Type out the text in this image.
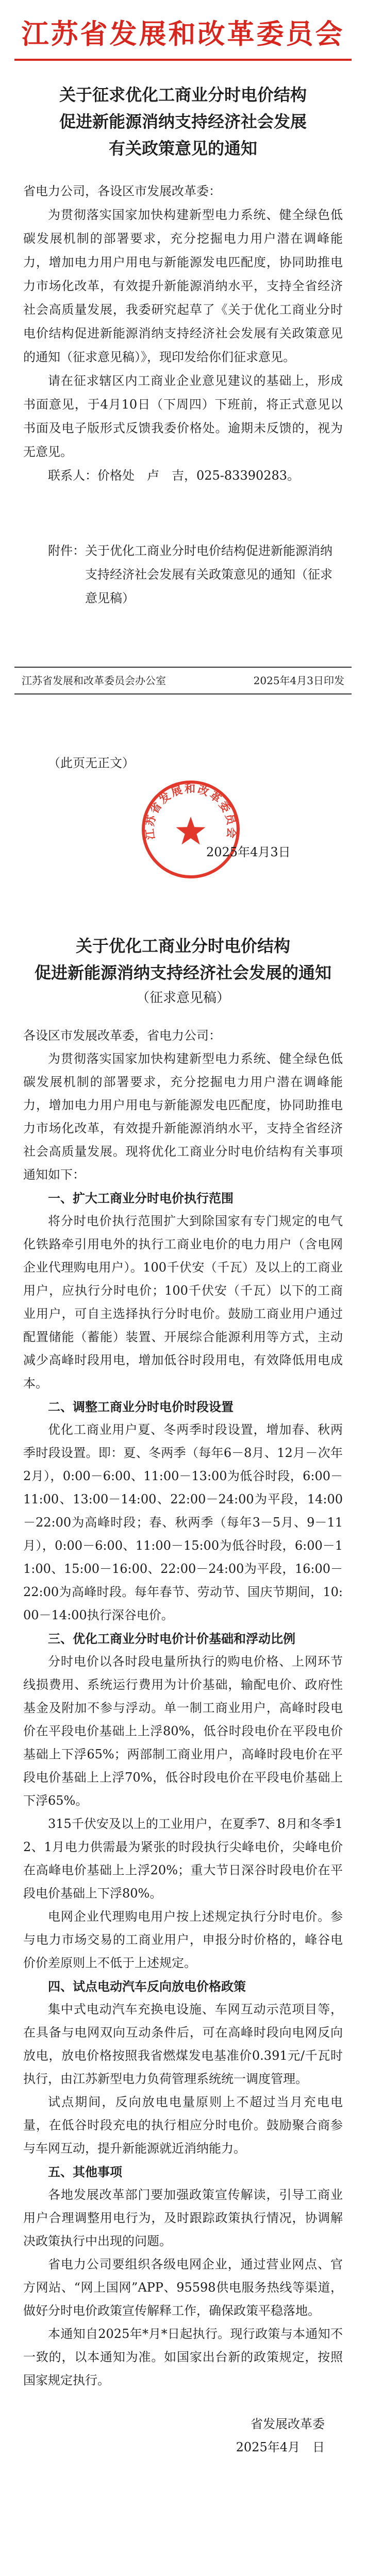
江苏省发展和改革委员会
关于征求优化工商业分时电价结构
促进新能源消纳支持经济社会发展
有关政策意见的通知
省电力公司，各设区市发展改革委：

为贯彻落实国家加快构建新型电力系统、健全绿色低碳发展机制的部署要求，充分挖掘电力用户潜在调峰能力，增加电力用户用电与新能源发电匹配度，协同助推电力市场化改革，有效提升新能源消纳水平，支持全省经济社会高质量发展，我委研究起草了《关于优化工商业分时电价结构促进新能源消纳支持经济社会发展有关政策意见的通知（征求意见稿）》，现印发给你们征求意见。

请在征求辖区内工商业企业意见建议的基础上，形成书面意见，于4月10日（下周四）下班前，将正式意见以书面及电子版形式反馈我委价格处。逾期未反馈的，视为无意见。

联系人：价格处　卢　吉，025-83390283。

附件：关于优化工商业分时电价结构促进新能源消纳支持经济社会发展有关政策意见的通知（征求意见稿）
江苏省发展和改革委员会办公室	2025年4月3日印发
（此页无正文）
江苏省发展和改革委员会
2025年4月3日
关于优化工商业分时电价结构
促进新能源消纳支持经济社会发展的通知
（征求意见稿）
各设区市发展改革委，省电力公司：

为贯彻落实国家加快构建新型电力系统、健全绿色低碳发展机制的部署要求，充分挖掘电力用户潜在调峰能力，增加电力用户用电与新能源发电匹配度，协同助推电力市场化改革，有效提升新能源消纳水平，支持全省经济社会高质量发展。现将优化工商业分时电价结构有关事项通知如下：

一、扩大工商业分时电价执行范围

将分时电价执行范围扩大到除国家有专门规定的电气化铁路牵引用电外的执行工商业电价的电力用户（含电网企业代理购电用户）。100千伏安（千瓦）及以上的工商业用户，应执行分时电价；100千伏安（千瓦）以下的工商业用户，可自主选择执行分时电价。鼓励工商业用户通过配置储能（蓄能）装置、开展综合能源利用等方式，主动减少高峰时段用电，增加低谷时段用电，有效降低用电成本。

二、调整工商业分时电价时段设置

优化工商业用户夏、冬两季时段设置，增加春、秋两季时段设置。即：夏、冬两季（每年6－8月、12月－次年2月），0:00－6:00、11:00－13:00为低谷时段，6:00－11:00、13:00－14:00、22:00－24:00为平段，14:00－22:00为高峰时段；春、秋两季（每年3－5月、9－11月），0:00－6:00、11:00－15:00为低谷时段，6:00－11:00、15:00－16:00、22:00－24:00为平段，16:00－22:00为高峰时段。每年春节、劳动节、国庆节期间，10:00－14:00执行深谷电价。

三、优化工商业分时电价计价基础和浮动比例

分时电价以各时段电量所执行的购电价格、上网环节线损费用、系统运行费用为计价基础，输配电价、政府性基金及附加不参与浮动。单一制工商业用户，高峰时段电价在平段电价基础上上浮80%，低谷时段电价在平段电价基础上下浮65%；两部制工商业用户，高峰时段电价在平段电价基础上上浮70%，低谷时段电价在平段电价基础上下浮65%。

315千伏安及以上的工业用户，在夏季7、8月和冬季12、1月电力供需最为紧张的时段执行尖峰电价，尖峰电价在高峰电价基础上上浮20%；重大节日深谷时段电价在平段电价基础上下浮80%。

电网企业代理购电用户按上述规定执行分时电价。参与电力市场交易的工商业用户，申报分时价格的，峰谷电价价差原则上不低于上述规定。

四、试点电动汽车反向放电价格政策

集中式电动汽车充换电设施、车网互动示范项目等，在具备与电网双向互动条件后，可在高峰时段向电网反向放电，放电价格按照我省燃煤发电基准价0.391元/千瓦时执行，由江苏新型电力负荷管理系统统一调度管理。

试点期间，反向放电电量原则上不超过当月充电电量，在低谷时段充电的执行相应分时电价。鼓励聚合商参与车网互动，提升新能源就近消纳能力。

五、其他事项

各地发展改革部门要加强政策宣传解读，引导工商业用户合理调整用电行为，及时跟踪政策执行情况，协调解决政策执行中出现的问题。

省电力公司要组织各级电网企业，通过营业网点、官方网站、“网上国网”APP、95598供电服务热线等渠道，做好分时电价政策宣传解释工作，确保政策平稳落地。

本通知自2025年*月*日起执行。现行政策与本通知不一致的，以本通知为准。如国家出台新的政策规定，按照国家规定执行。

省发展改革委
2025年4月　日
